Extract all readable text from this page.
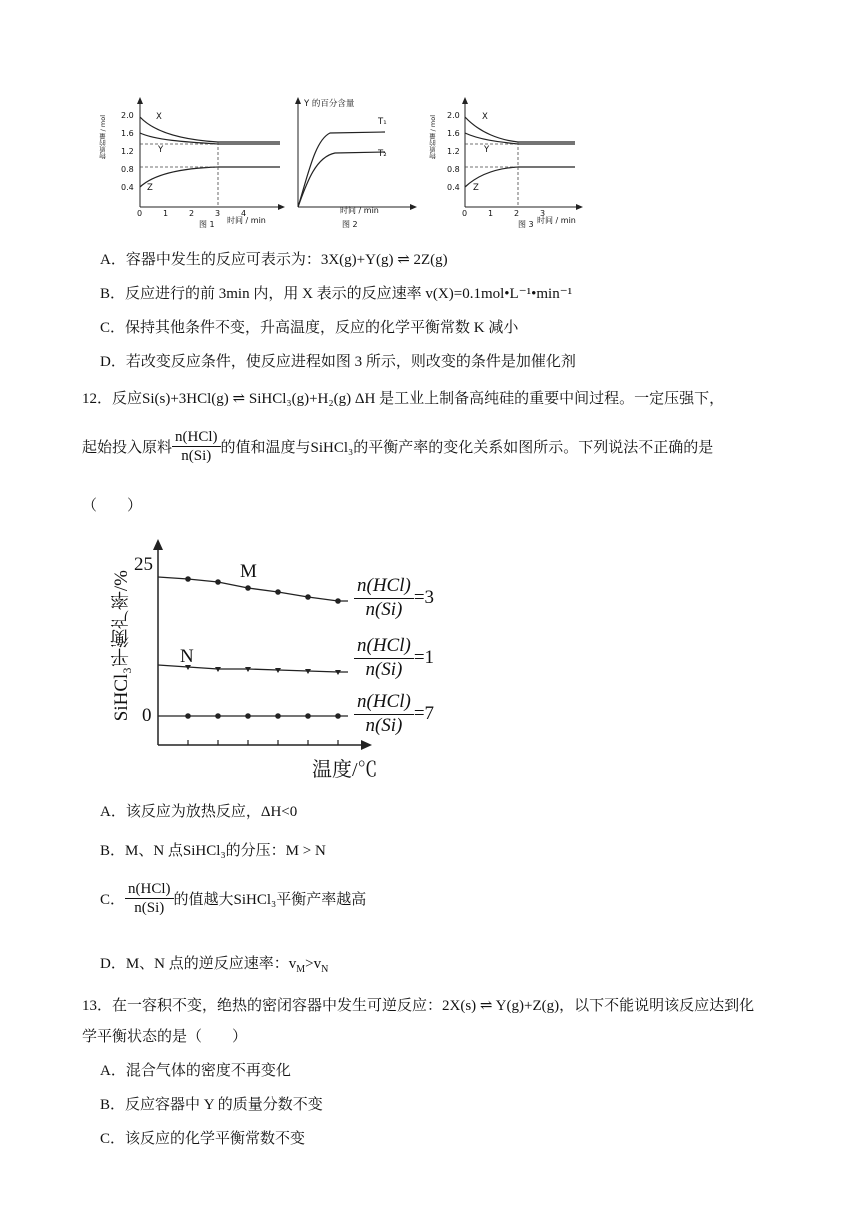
物质的量 / mol 2.0
1.6
1.2
0.8
0.4
0	1	2	3	4
X
Y
Z
图 1 时间 / min
Y 的百分含量
T₁
T₂
时间 / min
图 2
物质的量 / mol 2.0
1.6
1.2
0.8
0.4
0	1	2	3
X
Y
Z
图 3 时间 / min
A．容器中发生的反应可表示为：3X(g)+Y(g) ⇌ 2Z(g)
B．反应进行的前 3min 内，用 X 表示的反应速率 v(X)=0.1mol•L⁻¹•min⁻¹
C．保持其他条件不变，升高温度，反应的化学平衡常数 K 减小
D．若改变反应条件，使反应进程如图 3 所示，则改变的条件是加催化剂
12．反应Si(s)+3HCl(g) ⇌ SiHCl₃(g)+H₂(g) ΔH 是工业上制备高纯硅的重要中间过程。一定压强下，
起始投入原料 $\frac{\text{n(HCl)}}{n(Si)}$ 的值和温度与SiHCl₃的平衡产率的变化关系如图所示。下列说法不正确的是
（　　）
SiHCl₃平衡产率/%
25
0
M
N
温度/℃
$\frac{\text{n(HCl)}}{n(Si)} =3$
$\frac{\text{n(HCl)}}{n(Si)} =1$
$\frac{\text{n(HCl)}}{n(Si)} =7$
A．该反应为放热反应，ΔH<0
B．M、N 点SiHCl₃的分压：M > N
C． $\frac{\text{n(HCl)}}{n(Si)}$ 的值越大SiHCl₃平衡产率越高
D．M、N 点的逆反应速率：$v_M>v_N$
13．在一容积不变，绝热的密闭容器中发生可逆反应：2X(s) ⇌ Y(g)+Z(g)，以下不能说明该反应达到化
学平衡状态的是（　　）
A．混合气体的密度不再变化
B．反应容器中 Y 的质量分数不变
C．该反应的化学平衡常数不变
